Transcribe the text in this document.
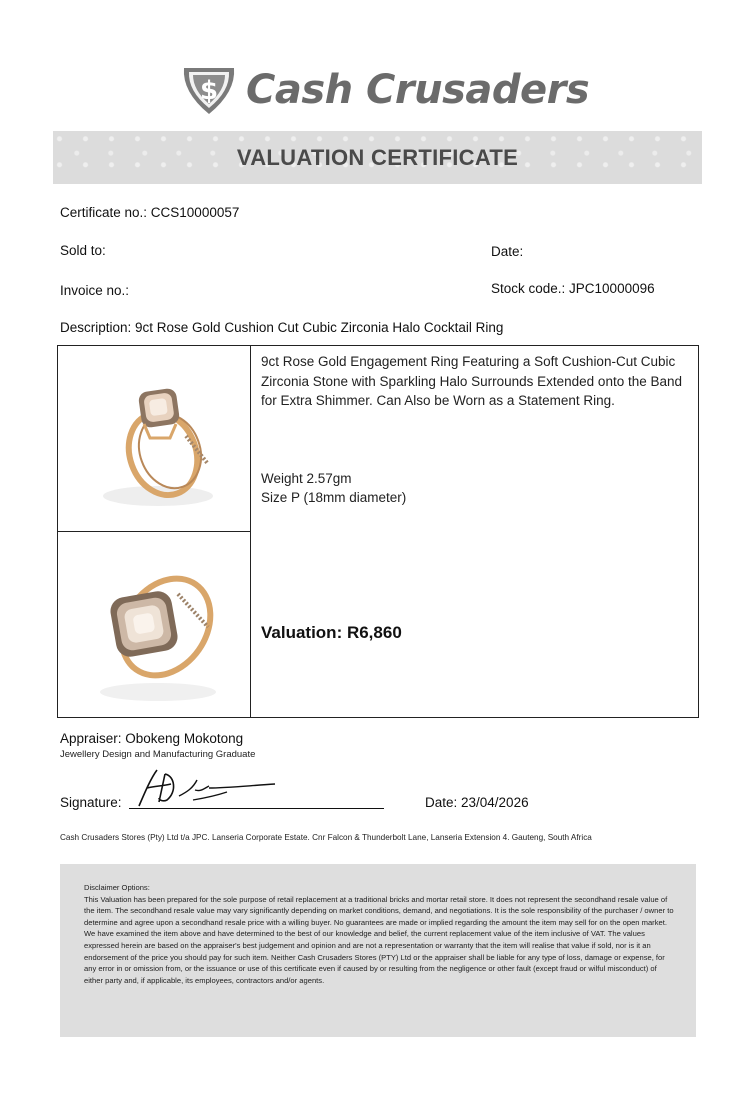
$ Cash Crusaders
VALUATION CERTIFICATE
Certificate no.: CCS10000057
Sold to:	Date:
Invoice no.:	Stock code.: JPC10000096
Description: 9ct Rose Gold Cushion Cut Cubic Zirconia Halo Cocktail Ring
9ct Rose Gold Engagement Ring Featuring a Soft Cushion-Cut Cubic Zirconia Stone with Sparkling Halo Surrounds Extended onto the Band for Extra Shimmer. Can Also be Worn as a Statement Ring.
Weight 2.57gm
Size P (18mm diameter)
Valuation: R6,860
Appraiser: Obokeng Mokotong
Jewellery Design and Manufacturing Graduate
Signature:	Date: 23/04/2026
Cash Crusaders Stores (Pty) Ltd t/a JPC. Lanseria Corporate Estate. Cnr Falcon & Thunderbolt Lane, Lanseria Extension 4. Gauteng, South Africa

Disclaimer Options:

This Valuation has been prepared for the sole purpose of retail replacement at a traditional bricks and mortar retail store. It does not represent the secondhand resale value of the item. The secondhand resale value may vary significantly depending on market conditions, demand, and negotiations. It is the sole responsibility of the purchaser / owner to determine and agree upon a secondhand resale price with a willing buyer. No guarantees are made or implied regarding the amount the item may sell for on the open market.

We have examined the item above and have determined to the best of our knowledge and belief, the current replacement value of the item inclusive of VAT. The values expressed herein are based on the appraiser's best judgement and opinion and are not a representation or warranty that the item will realise that value if sold, nor is it an endorsement of the price you should pay for such item. Neither Cash Crusaders Stores (PTY) Ltd or the appraiser shall be liable for any type of loss, damage or expense, for any error in or omission from, or the issuance or use of this certificate even if caused by or resulting from the negligence or other fault (except fraud or wilful misconduct) of either party and, if applicable, its employees, contractors and/or agents.
